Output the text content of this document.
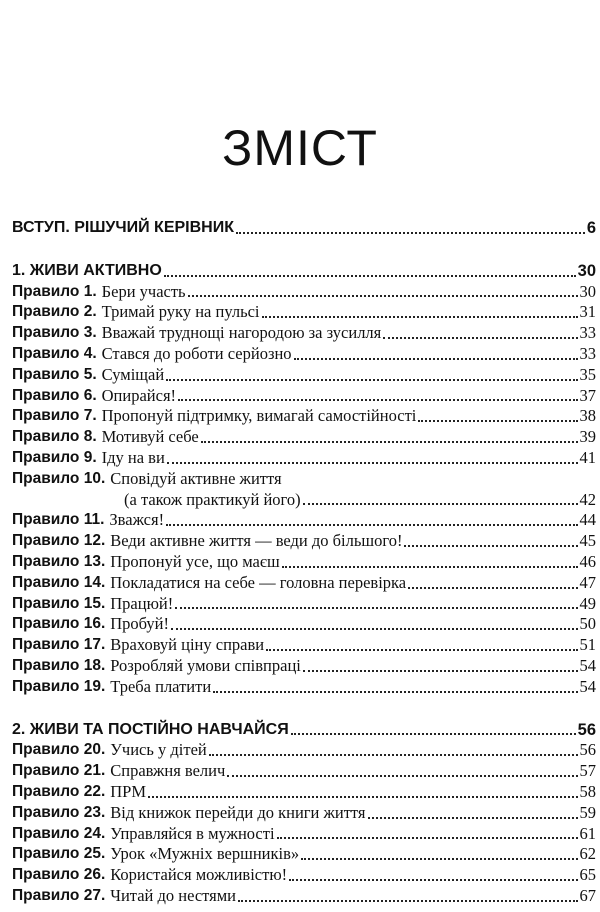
ЗМІСТ
ВСТУП. РІШУЧИЙ КЕРІВНИК	6
1. ЖИВИ АКТИВНО	30
Правило 1. Бери участь	30
Правило 2. Тримай руку на пульсі	31
Правило 3. Вважай труднощі нагородою за зусилля	33
Правило 4. Стався до роботи серйозно	33
Правило 5. Суміщай	35
Правило 6. Опирайся!	37
Правило 7. Пропонуй підтримку, вимагай самостійності	38
Правило 8. Мотивуй себе	39
Правило 9. Іду на ви	41
Правило 10. Сповідуй активне життя
(а також практикуй його)	42
Правило 11. Зважся!	44
Правило 12. Веди активне життя — веди до більшого!	45
Правило 13. Пропонуй усе, що маєш	46
Правило 14. Покладатися на себе — головна перевірка	47
Правило 15. Працюй!	49
Правило 16. Пробуй!	50
Правило 17. Враховуй ціну справи	51
Правило 18. Розробляй умови співпраці	54
Правило 19. Треба платити	54
2. ЖИВИ ТА ПОСТІЙНО НАВЧАЙСЯ	56
Правило 20. Учись у дітей	56
Правило 21. Справжня велич	57
Правило 22. ПРМ	58
Правило 23. Від книжок перейди до книги життя	59
Правило 24. Управляйся в мужності	61
Правило 25. Урок «Мужніх вершників»	62
Правило 26. Користайся можливістю!	65
Правило 27. Читай до нестями	67
